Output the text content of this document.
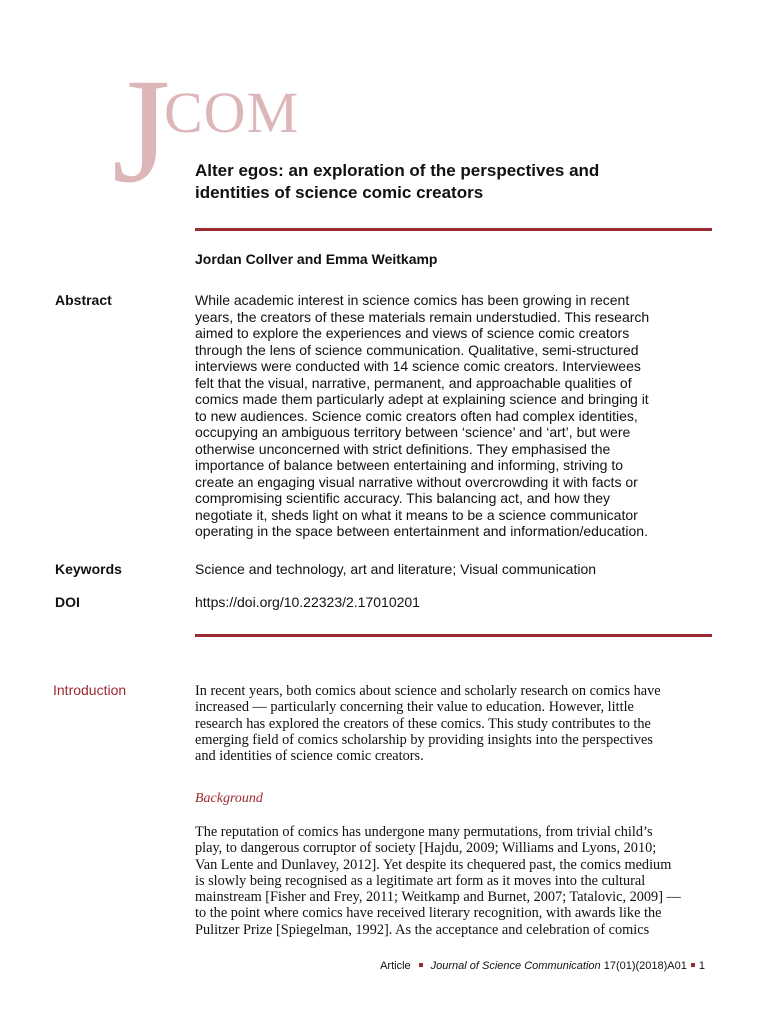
J
COM
Alter egos: an exploration of the perspectives and
identities of science comic creators
Jordan Collver and Emma Weitkamp
Abstract	While academic interest in science comics has been growing in recent
years, the creators of these materials remain understudied. This research
aimed to explore the experiences and views of science comic creators
through the lens of science communication. Qualitative, semi-structured
interviews were conducted with 14 science comic creators. Interviewees
felt that the visual, narrative, permanent, and approachable qualities of
comics made them particularly adept at explaining science and bringing it
to new audiences. Science comic creators often had complex identities,
occupying an ambiguous territory between ‘science’ and ‘art’, but were
otherwise unconcerned with strict definitions. They emphasised the
importance of balance between entertaining and informing, striving to
create an engaging visual narrative without overcrowding it with facts or
compromising scientific accuracy. This balancing act, and how they
negotiate it, sheds light on what it means to be a science communicator
operating in the space between entertainment and information/education.
Keywords	Science and technology, art and literature; Visual communication
DOI	https://doi.org/10.22323/2.17010201
Introduction	In recent years, both comics about science and scholarly research on comics have
increased — particularly concerning their value to education. However, little
research has explored the creators of these comics. This study contributes to the
emerging field of comics scholarship by providing insights into the perspectives
and identities of science comic creators.
Background
The reputation of comics has undergone many permutations, from trivial child’s
play, to dangerous corruptor of society [Hajdu, 2009; Williams and Lyons, 2010;
Van Lente and Dunlavey, 2012]. Yet despite its chequered past, the comics medium
is slowly being recognised as a legitimate art form as it moves into the cultural
mainstream [Fisher and Frey, 2011; Weitkamp and Burnet, 2007; Tatalovic, 2009] —
to the point where comics have received literary recognition, with awards like the
Pulitzer Prize [Spiegelman, 1992]. As the acceptance and celebration of comics
Article Journal of Science Communication 17(01)(2018)A01 1
